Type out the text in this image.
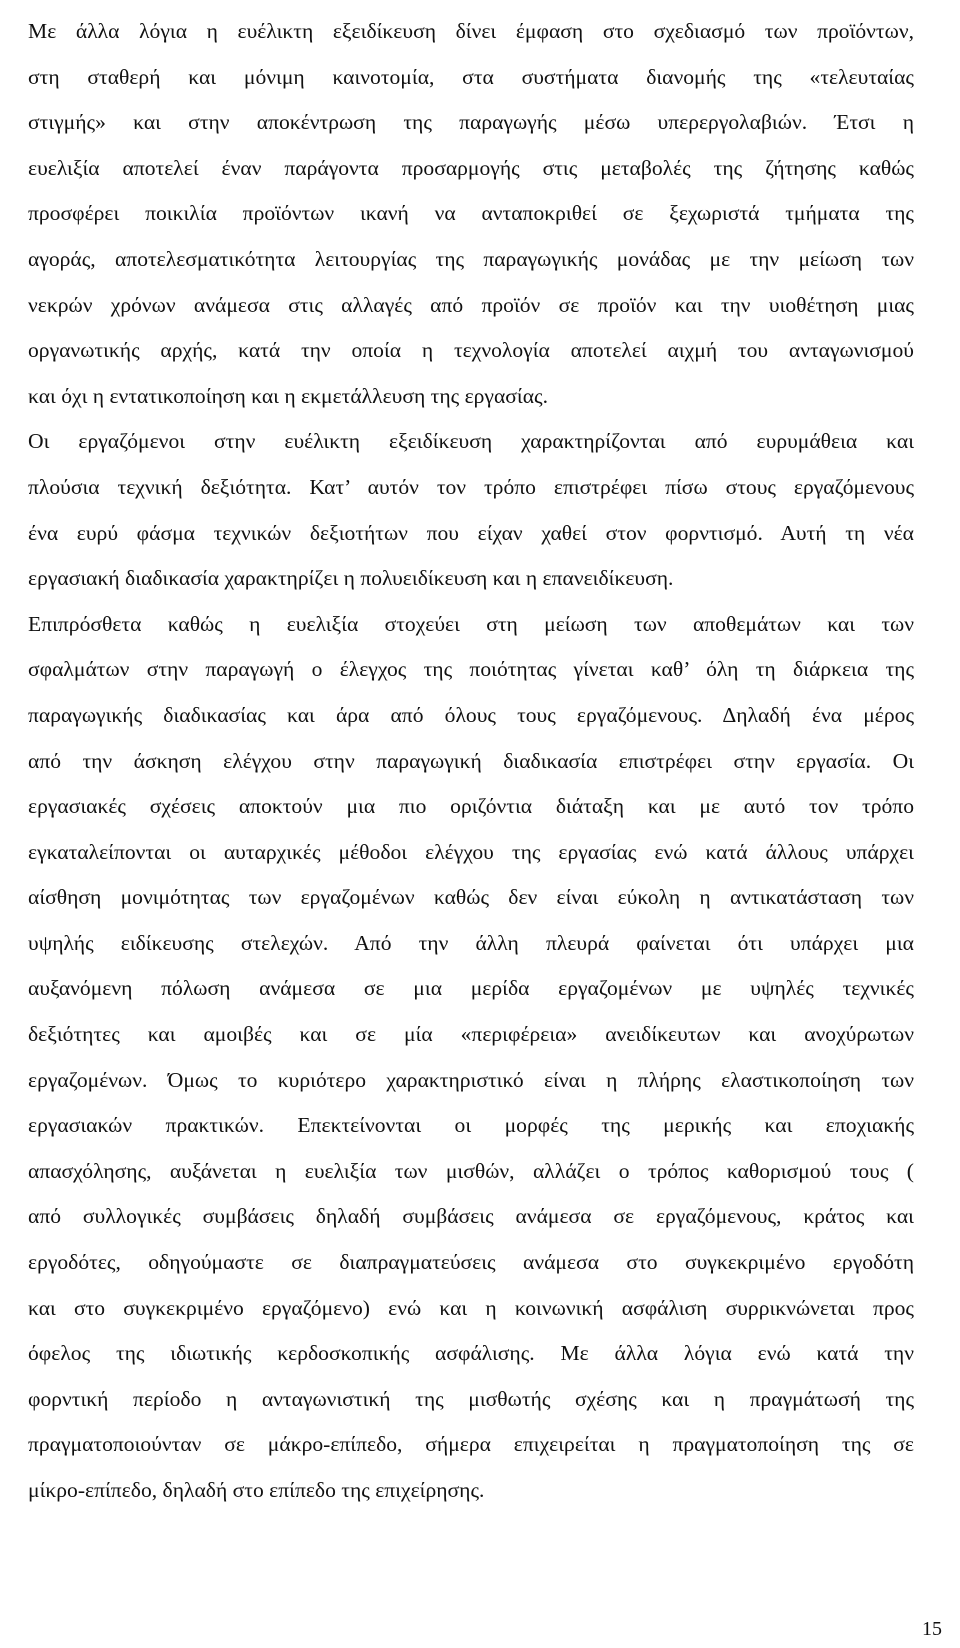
Με άλλα λόγια η ευέλικτη εξειδίκευση δίνει έμφαση στο σχεδιασμό των προϊόντων,
στη σταθερή και μόνιμη καινοτομία, στα συστήματα διανομής της «τελευταίας
στιγμής» και στην αποκέντρωση της παραγωγής μέσω υπερεργολαβιών. Έτσι η
ευελιξία αποτελεί έναν παράγοντα προσαρμογής στις μεταβολές της ζήτησης καθώς
προσφέρει ποικιλία προϊόντων ικανή να ανταποκριθεί σε ξεχωριστά τμήματα της
αγοράς, αποτελεσματικότητα λειτουργίας της παραγωγικής μονάδας με την μείωση των
νεκρών χρόνων ανάμεσα στις αλλαγές από προϊόν σε προϊόν και την υιοθέτηση μιας
οργανωτικής αρχής, κατά την οποία η τεχνολογία αποτελεί αιχμή του ανταγωνισμού
και όχι η εντατικοποίηση και η εκμετάλλευση της εργασίας.
Οι εργαζόμενοι στην ευέλικτη εξειδίκευση χαρακτηρίζονται από ευρυμάθεια και
πλούσια τεχνική δεξιότητα. Κατ’ αυτόν τον τρόπο επιστρέφει πίσω στους εργαζόμενους
ένα ευρύ φάσμα τεχνικών δεξιοτήτων που είχαν χαθεί στον φορντισμό. Αυτή τη νέα
εργασιακή διαδικασία χαρακτηρίζει η πολυειδίκευση και η επανειδίκευση.
Επιπρόσθετα καθώς η ευελιξία στοχεύει στη μείωση των αποθεμάτων και των
σφαλμάτων στην παραγωγή ο έλεγχος της ποιότητας γίνεται καθ’ όλη τη διάρκεια της
παραγωγικής διαδικασίας και άρα από όλους τους εργαζόμενους. Δηλαδή ένα μέρος
από την άσκηση ελέγχου στην παραγωγική διαδικασία επιστρέφει στην εργασία. Οι
εργασιακές σχέσεις αποκτούν μια πιο οριζόντια διάταξη και με αυτό τον τρόπο
εγκαταλείπονται οι αυταρχικές μέθοδοι ελέγχου της εργασίας ενώ κατά άλλους υπάρχει
αίσθηση μονιμότητας των εργαζομένων καθώς δεν είναι εύκολη η αντικατάσταση των
υψηλής ειδίκευσης στελεχών. Από την άλλη πλευρά φαίνεται ότι υπάρχει μια
αυξανόμενη πόλωση ανάμεσα σε μια μερίδα εργαζομένων με υψηλές τεχνικές
δεξιότητες και αμοιβές και σε μία «περιφέρεια» ανειδίκευτων και ανοχύρωτων
εργαζομένων. Όμως το κυριότερο χαρακτηριστικό είναι η πλήρης ελαστικοποίηση των
εργασιακών πρακτικών. Επεκτείνονται οι μορφές της μερικής και εποχιακής
απασχόλησης, αυξάνεται η ευελιξία των μισθών, αλλάζει ο τρόπος καθορισμού τους (
από συλλογικές συμβάσεις δηλαδή συμβάσεις ανάμεσα σε εργαζόμενους, κράτος και
εργοδότες, οδηγούμαστε σε διαπραγματεύσεις ανάμεσα στο συγκεκριμένο εργοδότη
και στο συγκεκριμένο εργαζόμενο) ενώ και η κοινωνική ασφάλιση συρρικνώνεται προς
όφελος της ιδιωτικής κερδοσκοπικής ασφάλισης. Με άλλα λόγια ενώ κατά την
φορντική περίοδο η ανταγωνιστική της μισθωτής σχέσης και η πραγμάτωσή της
πραγματοποιούνταν σε μάκρο-επίπεδο, σήμερα επιχειρείται η πραγματοποίηση της σε
μίκρο-επίπεδο, δηλαδή στο επίπεδο της επιχείρησης.
15
